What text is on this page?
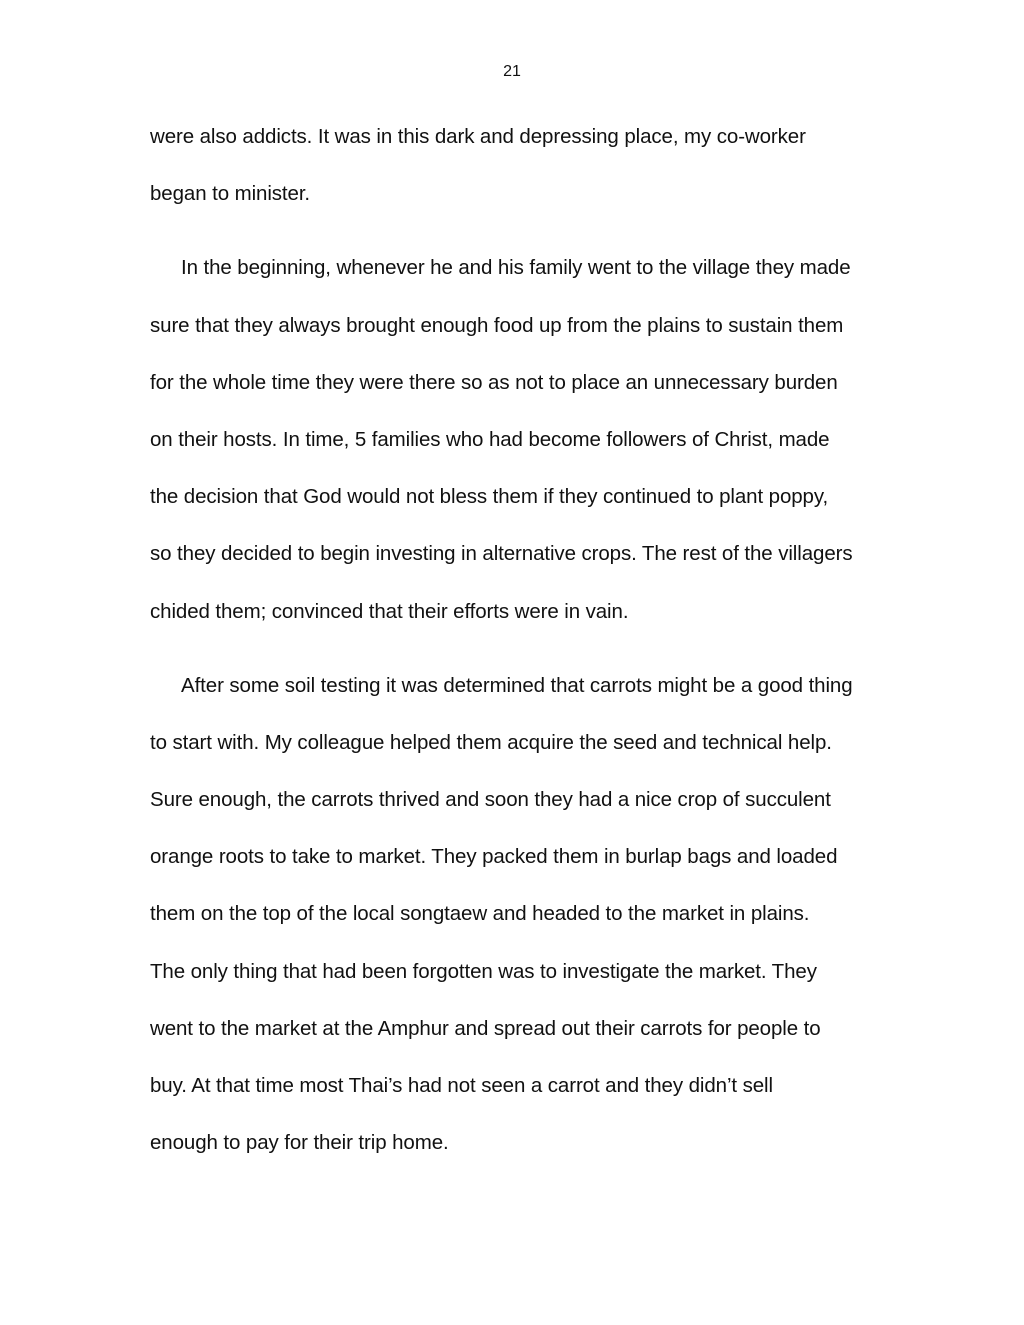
21
were also addicts. It was in this dark and depressing place, my co-worker
began to minister.
In the beginning, whenever he and his family went to the village they made
sure that they always brought enough food up from the plains to sustain them
for the whole time they were there so as not to place an unnecessary burden
on their hosts. In time, 5 families who had become followers of Christ, made
the decision that God would not bless them if they continued to plant poppy,
so they decided to begin investing in alternative crops. The rest of the villagers
chided them; convinced that their efforts were in vain.
After some soil testing it was determined that carrots might be a good thing
to start with. My colleague helped them acquire the seed and technical help.
Sure enough, the carrots thrived and soon they had a nice crop of succulent
orange roots to take to market. They packed them in burlap bags and loaded
them on the top of the local songtaew and headed to the market in plains.
The only thing that had been forgotten was to investigate the market. They
went to the market at the Amphur and spread out their carrots for people to
buy. At that time most Thai’s had not seen a carrot and they didn’t sell
enough to pay for their trip home.
